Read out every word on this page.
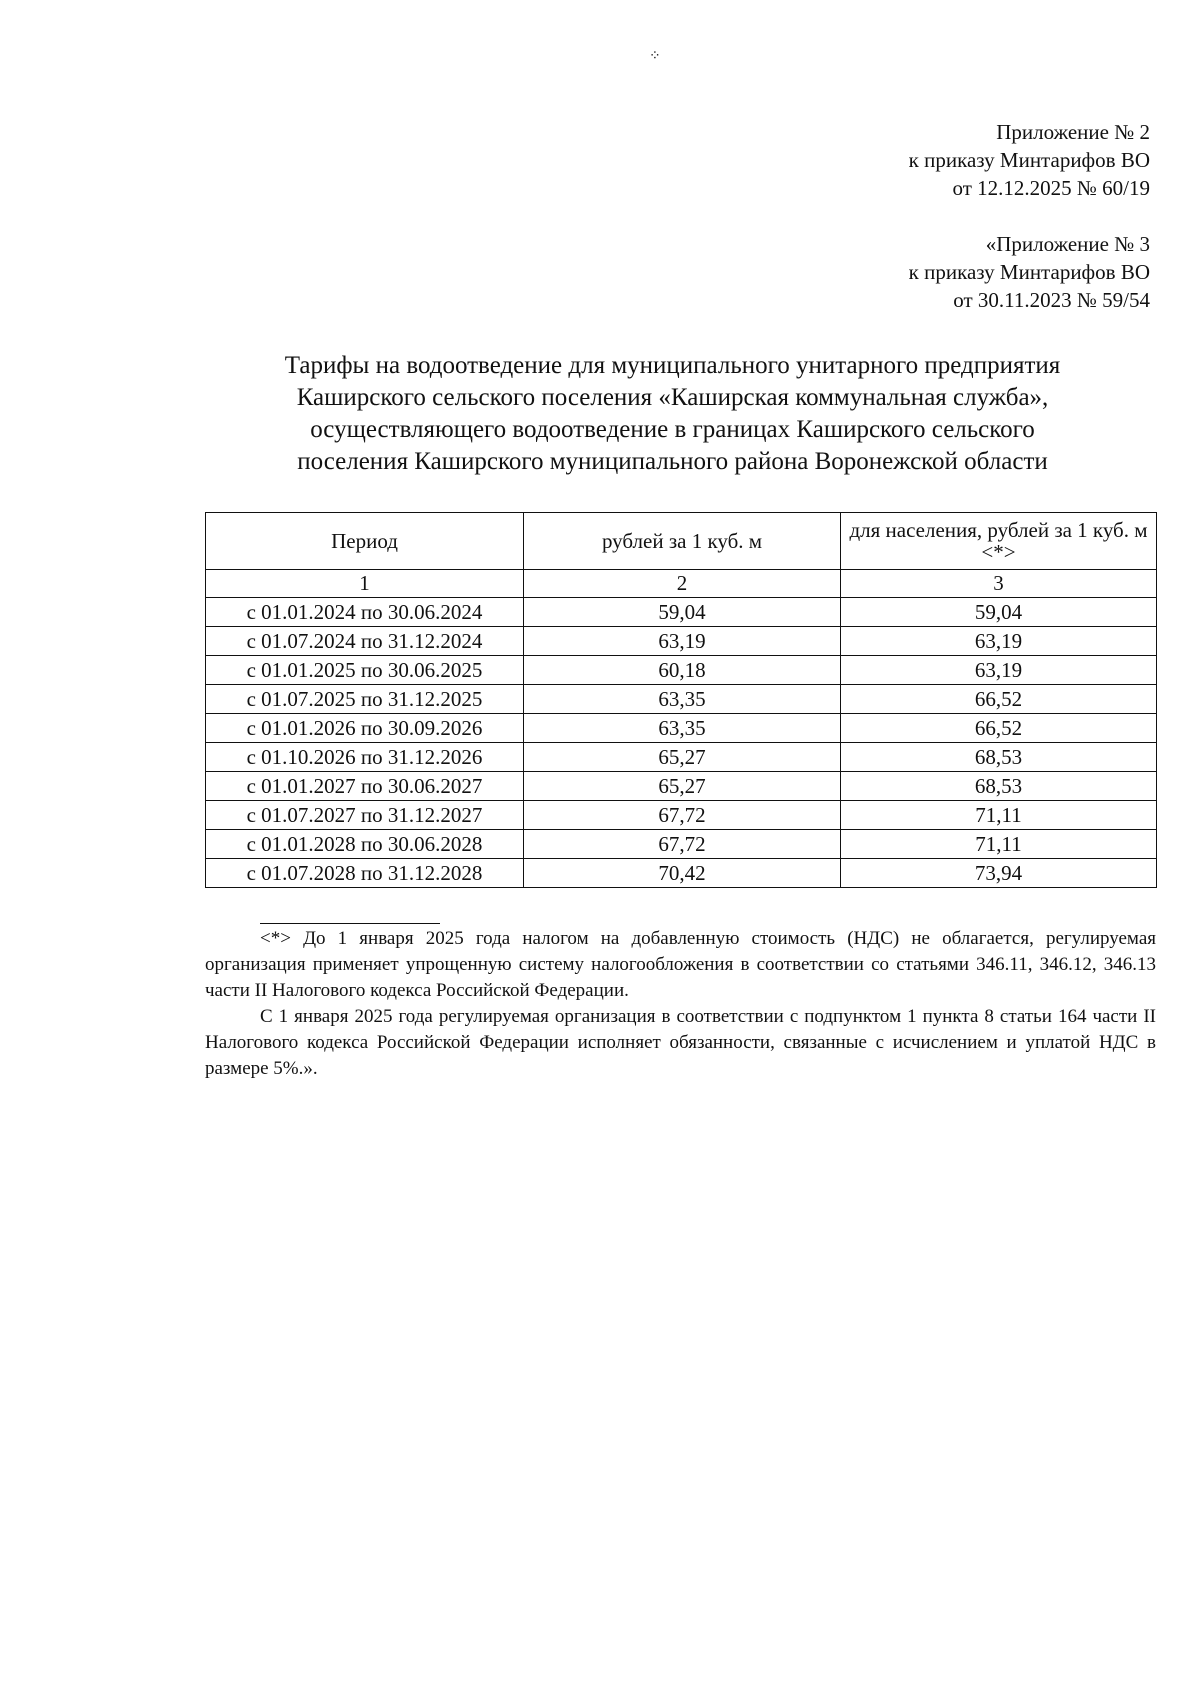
⁘
Приложение № 2
к приказу Минтарифов ВО
от 12.12.2025 № 60/19
«Приложение № 3
к приказу Минтарифов ВО
от 30.11.2023 № 59/54
Тарифы на водоотведение для муниципального унитарного предприятия
Каширского сельского поселения «Каширская коммунальная служба»,
осуществляющего водоотведение в границах Каширского сельского
поселения Каширского муниципального района Воронежской области
Период	рублей за 1 куб. м	для населения, рублей за 1 куб. м <*>
1	2	3
с 01.01.2024 по 30.06.2024	59,04	59,04
с 01.07.2024 по 31.12.2024	63,19	63,19
с 01.01.2025 по 30.06.2025	60,18	63,19
с 01.07.2025 по 31.12.2025	63,35	66,52
с 01.01.2026 по 30.09.2026	63,35	66,52
с 01.10.2026 по 31.12.2026	65,27	68,53
с 01.01.2027 по 30.06.2027	65,27	68,53
с 01.07.2027 по 31.12.2027	67,72	71,11
с 01.01.2028 по 30.06.2028	67,72	71,11
с 01.07.2028 по 31.12.2028	70,42	73,94

<*> До 1 января 2025 года налогом на добавленную стоимость (НДС) не облагается, регулируемая организация применяет упрощенную систему налогообложения в соответствии со статьями 346.11, 346.12, 346.13 части II Налогового кодекса Российской Федерации.

С 1 января 2025 года регулируемая организация в соответствии с подпунктом 1 пункта 8 статьи 164 части II Налогового кодекса Российской Федерации исполняет обязанности, связанные с исчислением и уплатой НДС в размере 5%.».
